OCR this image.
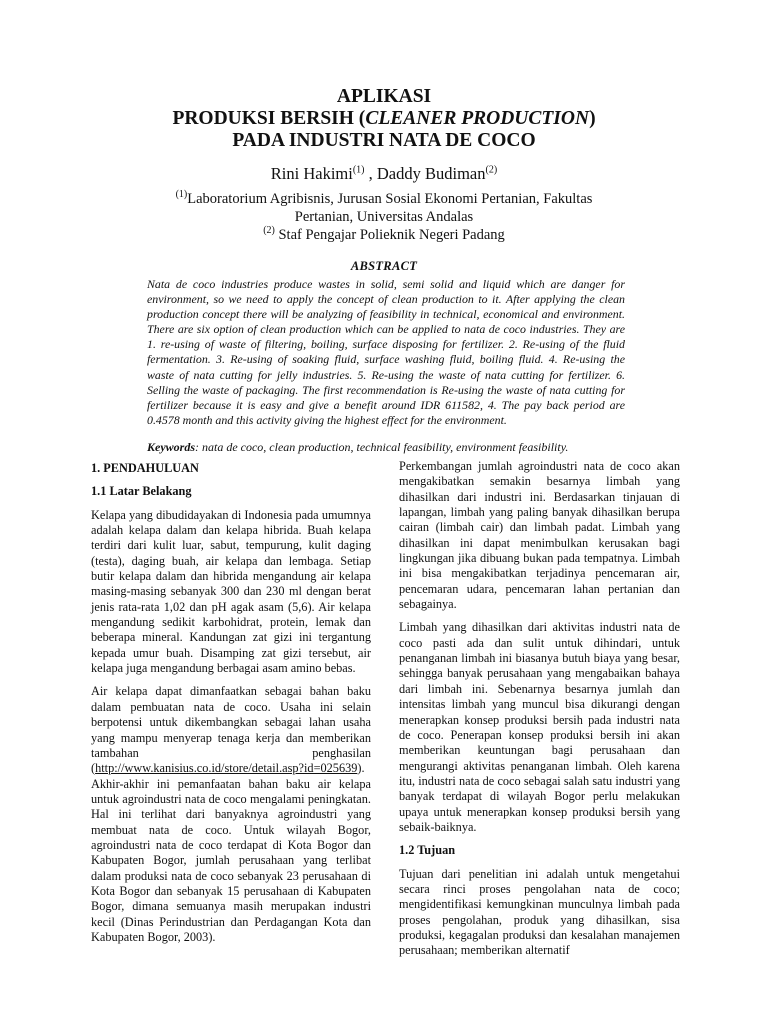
APLIKASI
PRODUKSI BERSIH (CLEANER PRODUCTION)
PADA INDUSTRI NATA DE COCO
Rini Hakimi$^{(1)}$ , Daddy Budiman$^{(2)}$
$^{(1)}$Laboratorium Agribisnis, Jurusan Sosial Ekonomi Pertanian, Fakultas
Pertanian, Universitas Andalas
$^{(2)}$ Staf Pengajar Polieknik Negeri Padang
ABSTRACT
Nata de coco industries produce wastes in solid, semi solid and liquid which are danger for environment, so we need to apply the concept of clean production to it. After applying the clean production concept there will be analyzing of feasibility in technical, economical and environment. There are six option of clean production which can be applied to nata de coco industries. They are 1. re-using of waste of filtering, boiling, surface disposing for fertilizer. 2. Re-using of the fluid fermentation. 3. Re-using of soaking fluid, surface washing fluid, boiling fluid. 4. Re-using the waste of nata cutting for jelly industries. 5. Re-using the waste of nata cutting for fertilizer. 6. Selling the waste of packaging. The first recommendation is Re-using the waste of nata cutting for fertilizer because it is easy and give a benefit around IDR 611582, 4. The pay back period are 0.4578 month and this activity giving the highest effect for the environment.
Keywords: nata de coco, clean production, technical feasibility, environment feasibility.
1. PENDAHULUAN
1.1 Latar Belakang

Kelapa yang dibudidayakan di Indonesia pada umumnya adalah kelapa dalam dan kelapa hibrida. Buah kelapa terdiri dari kulit luar, sabut, tempurung, kulit daging (testa), daging buah, air kelapa dan lembaga. Setiap butir kelapa dalam dan hibrida mengandung air kelapa masing-masing sebanyak 300 dan 230 ml dengan berat jenis rata-rata 1,02 dan pH agak asam (5,6). Air kelapa mengandung sedikit karbohidrat, protein, lemak dan beberapa mineral. Kandungan zat gizi ini tergantung kepada umur buah. Disamping zat gizi tersebut, air kelapa juga mengandung berbagai asam amino bebas.

Air kelapa dapat dimanfaatkan sebagai bahan baku dalam pembuatan nata de coco. Usaha ini selain berpotensi untuk dikembangkan sebagai lahan usaha yang mampu menyerap tenaga kerja dan memberikan tambahan penghasilan (http://www.kanisius.co.id/store/detail.asp?id=025639). Akhir-akhir ini pemanfaatan bahan baku air kelapa untuk agroindustri nata de coco mengalami peningkatan. Hal ini terlihat dari banyaknya agroindustri yang membuat nata de coco. Untuk wilayah Bogor, agroindustri nata de coco terdapat di Kota Bogor dan Kabupaten Bogor, jumlah perusahaan yang terlibat dalam produksi nata de coco sebanyak 23 perusahaan di Kota Bogor dan sebanyak 15 perusahaan di Kabupaten Bogor, dimana semuanya masih merupakan industri kecil (Dinas Perindustrian dan Perdagangan Kota dan Kabupaten Bogor, 2003).

Perkembangan jumlah agroindustri nata de coco akan mengakibatkan semakin besarnya limbah yang dihasilkan dari industri ini. Berdasarkan tinjauan di lapangan, limbah yang paling banyak dihasilkan berupa cairan (limbah cair) dan limbah padat. Limbah yang dihasilkan ini dapat menimbulkan kerusakan bagi lingkungan jika dibuang bukan pada tempatnya. Limbah ini bisa mengakibatkan terjadinya pencemaran air, pencemaran udara, pencemaran lahan pertanian dan sebagainya.

Limbah yang dihasilkan dari aktivitas industri nata de coco pasti ada dan sulit untuk dihindari, untuk penanganan limbah ini biasanya butuh biaya yang besar, sehingga banyak perusahaan yang mengabaikan bahaya dari limbah ini. Sebenarnya besarnya jumlah dan intensitas limbah yang muncul bisa dikurangi dengan menerapkan konsep produksi bersih pada industri nata de coco. Penerapan konsep produksi bersih ini akan memberikan keuntungan bagi perusahaan dan mengurangi aktivitas penanganan limbah. Oleh karena itu, industri nata de coco sebagai salah satu industri yang banyak terdapat di wilayah Bogor perlu melakukan upaya untuk menerapkan konsep produksi bersih yang sebaik-baiknya.

1.2 Tujuan

Tujuan dari penelitian ini adalah untuk mengetahui secara rinci proses pengolahan nata de coco; mengidentifikasi kemungkinan munculnya limbah pada proses pengolahan, produk yang dihasilkan, sisa produksi, kegagalan produksi dan kesalahan manajemen perusahaan; memberikan alternatif
